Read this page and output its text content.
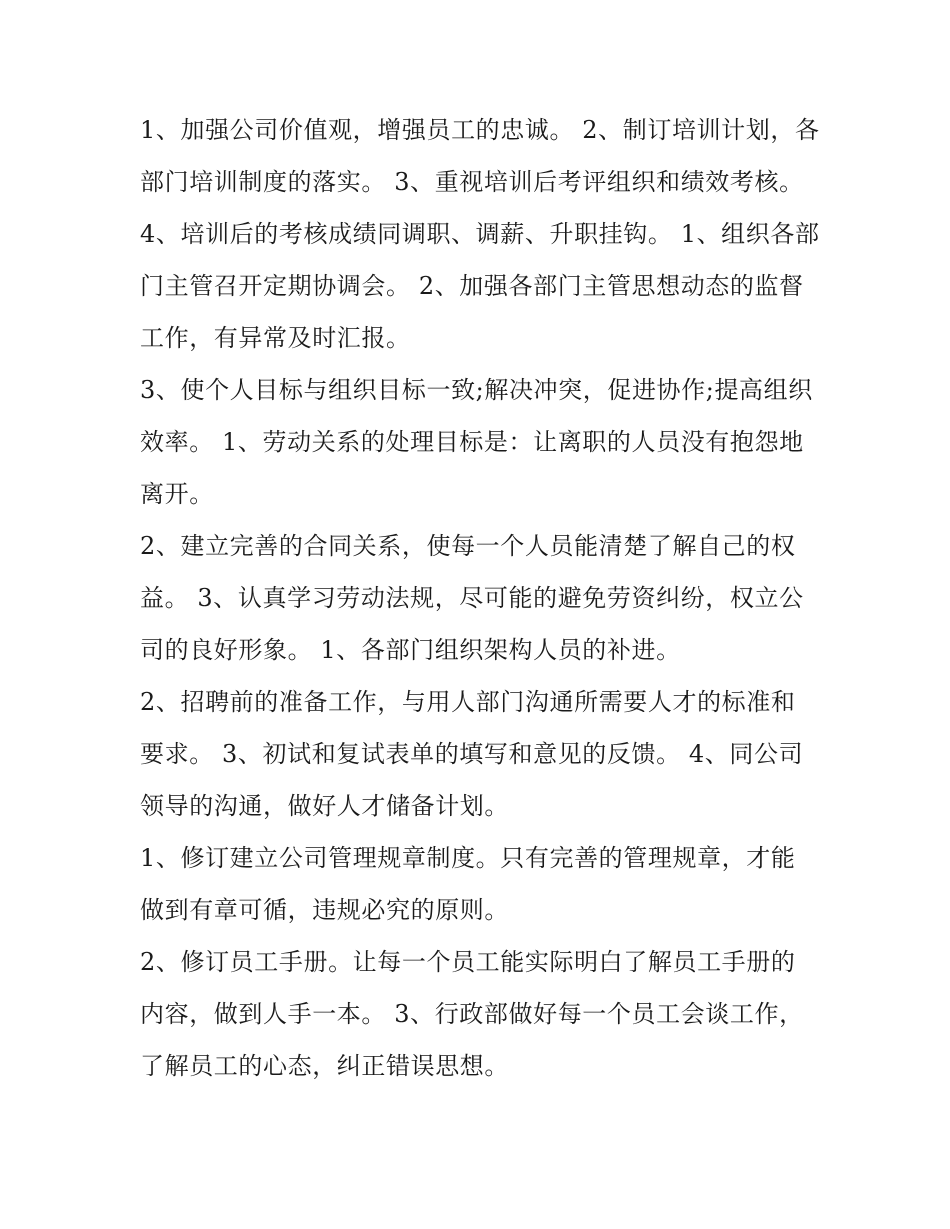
1、加强公司价值观，增强员工的忠诚。 2、制订培训计划，各部门培训制度的落实。 3、重视培训后考评组织和绩效考核。

4、培训后的考核成绩同调职、调薪、升职挂钩。 1、组织各部门主管召开定期协调会。 2、加强各部门主管思想动态的监督工作，有异常及时汇报。

3、使个人目标与组织目标一致;解决冲突，促进协作;提高组织效率。 1、劳动关系的处理目标是：让离职的人员没有抱怨地离开。

2、建立完善的合同关系，使每一个人员能清楚了解自己的权益。 3、认真学习劳动法规，尽可能的避免劳资纠纷，权立公司的良好形象。 1、各部门组织架构人员的补进。

2、招聘前的准备工作，与用人部门沟通所需要人才的标准和要求。 3、初试和复试表单的填写和意见的反馈。 4、同公司领导的沟通，做好人才储备计划。

1、修订建立公司管理规章制度。只有完善的管理规章，才能做到有章可循，违规必究的原则。

2、修订员工手册。让每一个员工能实际明白了解员工手册的内容，做到人手一本。 3、行政部做好每一个员工会谈工作，了解员工的心态，纠正错误思想。
